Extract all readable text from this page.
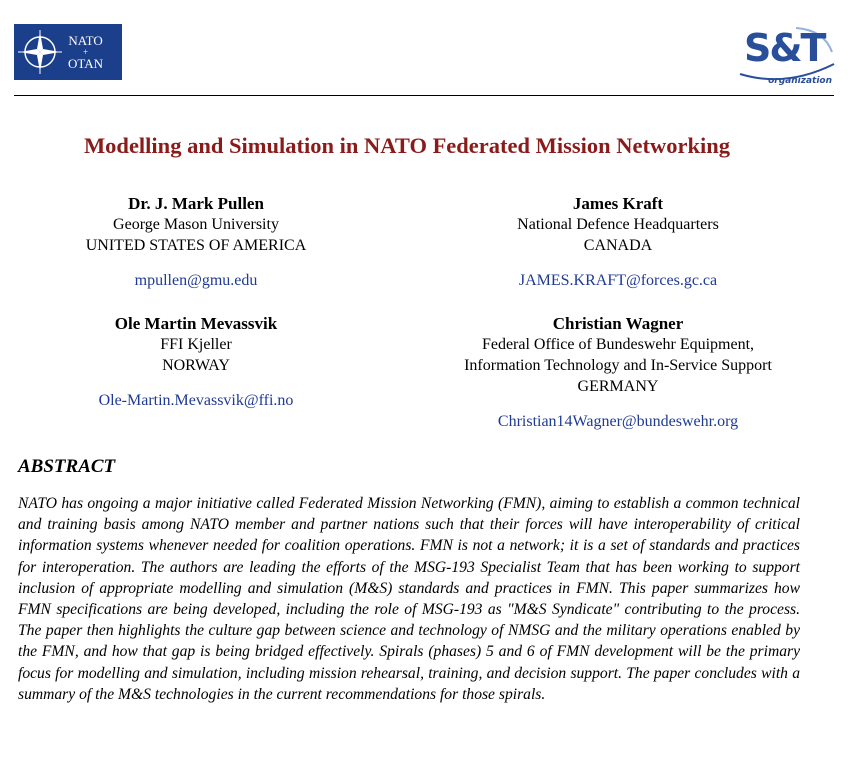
NATO
+
OTAN	S&T
organization
Modelling and Simulation in NATO Federated Mission Networking
Dr. J. Mark Pullen
George Mason University
UNITED STATES OF AMERICA
mpullen@gmu.edu
James Kraft
National Defence Headquarters
CANADA
JAMES.KRAFT@forces.gc.ca
Ole Martin Mevassvik
FFI Kjeller
NORWAY
Ole-Martin.Mevassvik@ffi.no
Christian Wagner
Federal Office of Bundeswehr Equipment,
Information Technology and In-Service Support
GERMANY
Christian14Wagner@bundeswehr.org
ABSTRACT
NATO has ongoing a major initiative called Federated Mission Networking (FMN), aiming to establish a common technical and training basis among NATO member and partner nations such that their forces will have interoperability of critical information systems whenever needed for coalition operations. FMN is not a network; it is a set of standards and practices for interoperation. The authors are leading the efforts of the MSG-193 Specialist Team that has been working to support inclusion of appropriate modelling and simulation (M&S) standards and practices in FMN. This paper summarizes how FMN specifications are being developed, including the role of MSG-193 as "M&S Syndicate" contributing to the process. The paper then highlights the culture gap between science and technology of NMSG and the military operations enabled by the FMN, and how that gap is being bridged effectively. Spirals (phases) 5 and 6 of FMN development will be the primary focus for modelling and simulation, including mission rehearsal, training, and decision support. The paper concludes with a summary of the M&S technologies in the current recommendations for those spirals.
